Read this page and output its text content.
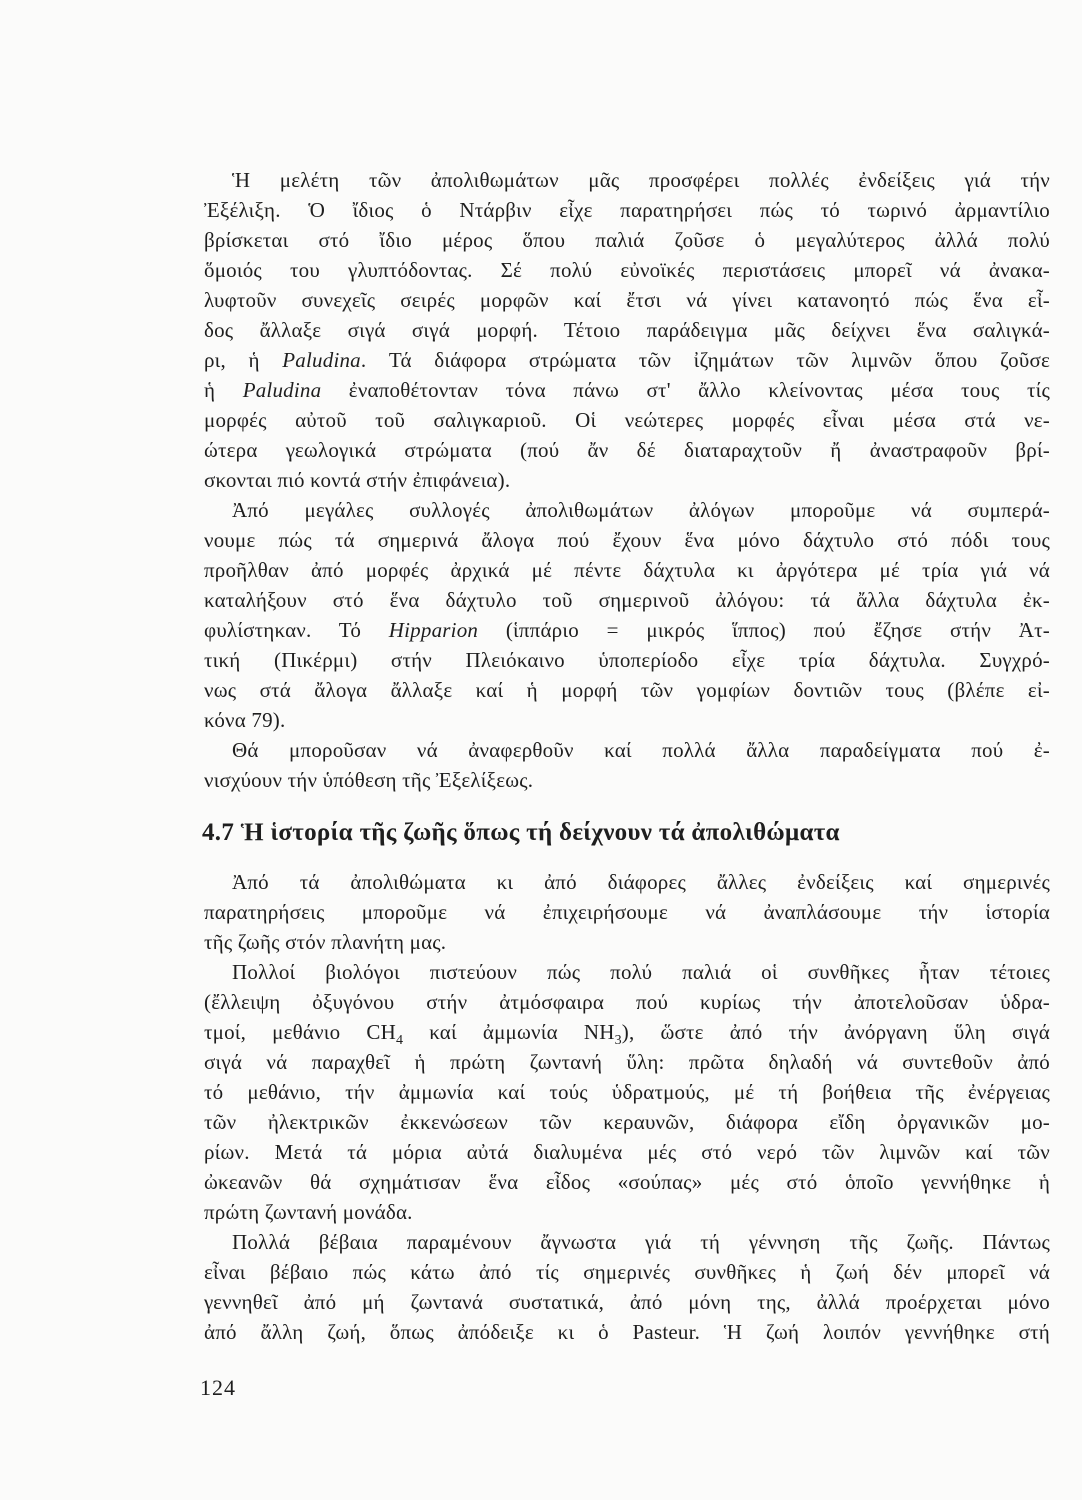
Ἡ μελέτη τῶν ἀπολιθωμάτων μᾶς προσφέρει πολλές ἐνδείξεις γιά τήν
Ἐξέλιξη. Ὁ ἴδιος ὁ Ντάρβιν εἶχε παρατηρήσει πώς τό τωρινό ἀρμαντίλιο
βρίσκεται στό ἴδιο μέρος ὅπου παλιά ζοῦσε ὁ μεγαλύτερος ἀλλά πολύ
ὅμοιός του γλυπτόδοντας. Σέ πολύ εὐνοϊκές περιστάσεις μπορεῖ νά ἀνακα-
λυφτοῦν συνεχεῖς σειρές μορφῶν καί ἔτσι νά γίνει κατανοητό πώς ἕνα εἶ-
δος ἄλλαξε σιγά σιγά μορφή. Τέτοιο παράδειγμα μᾶς δείχνει ἕνα σαλιγκά-
ρι, ἡ Paludina. Τά διάφορα στρώματα τῶν ἰζημάτων τῶν λιμνῶν ὅπου ζοῦσε
ἡ Paludina ἐναποθέτονταν τόνα πάνω στ' ἄλλο κλείνοντας μέσα τους τίς
μορφές αὐτοῦ τοῦ σαλιγκαριοῦ. Οἱ νεώτερες μορφές εἶναι μέσα στά νε-
ώτερα γεωλογικά στρώματα (πού ἄν δέ διαταραχτοῦν ἤ ἀναστραφοῦν βρί-
σκονται πιό κοντά στήν ἐπιφάνεια).
Ἀπό μεγάλες συλλογές ἀπολιθωμάτων ἀλόγων μποροῦμε νά συμπερά-
νουμε πώς τά σημερινά ἄλογα πού ἔχουν ἕνα μόνο δάχτυλο στό πόδι τους
προῆλθαν ἀπό μορφές ἀρχικά μέ πέντε δάχτυλα κι ἀργότερα μέ τρία γιά νά
καταλήξουν στό ἕνα δάχτυλο τοῦ σημερινοῦ ἀλόγου: τά ἄλλα δάχτυλα ἐκ-
φυλίστηκαν. Τό Hipparion (ἱππάριο = μικρός ἵππος) πού ἔζησε στήν Ἀτ-
τική (Πικέρμι) στήν Πλειόκαινο ὑποπερίοδο εἶχε τρία δάχτυλα. Συγχρό-
νως στά ἄλογα ἄλλαξε καί ἡ μορφή τῶν γομφίων δοντιῶν τους (βλέπε εἰ-
κόνα 79).
Θά μποροῦσαν νά ἀναφερθοῦν καί πολλά ἄλλα παραδείγματα πού ἐ-
νισχύουν τήν ὑπόθεση τῆς Ἐξελίξεως.
4.7 Ἡ ἱστορία τῆς ζωῆς ὅπως τή δείχνουν τά ἀπολιθώματα
Ἀπό τά ἀπολιθώματα κι ἀπό διάφορες ἄλλες ἐνδείξεις καί σημερινές
παρατηρήσεις μποροῦμε νά ἐπιχειρήσουμε νά ἀναπλάσουμε τήν ἱστορία
τῆς ζωῆς στόν πλανήτη μας.
Πολλοί βιολόγοι πιστεύουν πώς πολύ παλιά οἱ συνθῆκες ἦταν τέτοιες
(ἔλλειψη ὀξυγόνου στήν ἀτμόσφαιρα πού κυρίως τήν ἀποτελοῦσαν ὑδρα-
τμοί, μεθάνιο $CH_4$ καί ἀμμωνία $NH_3$), ὥστε ἀπό τήν ἀνόργανη ὕλη σιγά
σιγά νά παραχθεῖ ἡ πρώτη ζωντανή ὕλη: πρῶτα δηλαδή νά συντεθοῦν ἀπό
τό μεθάνιο, τήν ἀμμωνία καί τούς ὑδρατμούς, μέ τή βοήθεια τῆς ἐνέργειας
τῶν ἠλεκτρικῶν ἐκκενώσεων τῶν κεραυνῶν, διάφορα εἴδη ὀργανικῶν μο-
ρίων. Μετά τά μόρια αὐτά διαλυμένα μές στό νερό τῶν λιμνῶν καί τῶν
ὠκεανῶν θά σχημάτισαν ἕνα εἶδος «σούπας» μές στό ὁποῖο γεννήθηκε ἡ
πρώτη ζωντανή μονάδα.
Πολλά βέβαια παραμένουν ἄγνωστα γιά τή γέννηση τῆς ζωῆς. Πάντως
εἶναι βέβαιο πώς κάτω ἀπό τίς σημερινές συνθῆκες ἡ ζωή δέν μπορεῖ νά
γεννηθεῖ ἀπό μή ζωντανά συστατικά, ἀπό μόνη της, ἀλλά προέρχεται μόνο
ἀπό ἄλλη ζωή, ὅπως ἀπόδειξε κι ὁ Pasteur. Ἡ ζωή λοιπόν γεννήθηκε στή
124
